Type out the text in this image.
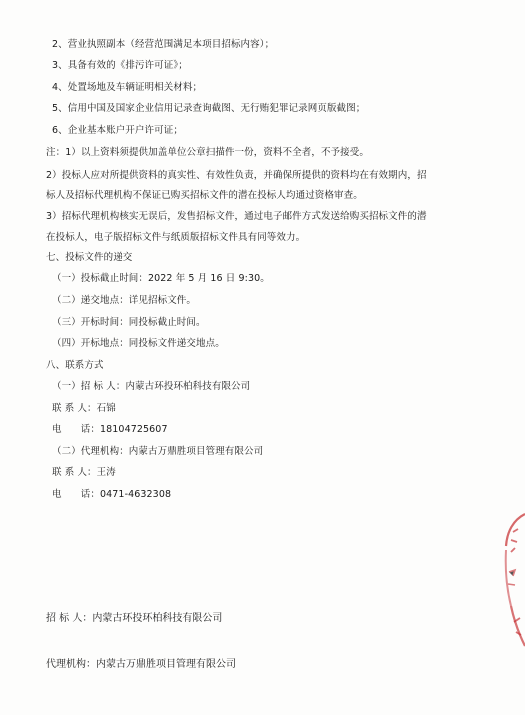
2、营业执照副本（经营范围满足本项目招标内容）；
3、具备有效的《排污许可证》；
4、处置场地及车辆证明相关材料；
5、信用中国及国家企业信用记录查询截图、无行贿犯罪记录网页版截图；
6、企业基本账户开户许可证；
注：1）以上资料须提供加盖单位公章扫描件一份，资料不全者，不予接受。
2）投标人应对所提供资料的真实性、有效性负责，并确保所提供的资料均在有效期内，招
标人及招标代理机构不保证已购买招标文件的潜在投标人均通过资格审查。
3）招标代理机构核实无误后，发售招标文件，通过电子邮件方式发送给购买招标文件的潜
在投标人，电子版招标文件与纸质版招标文件具有同等效力。
七、投标文件的递交
（一）投标截止时间：2022 年 5 月 16 日 9:30。
（二）递交地点：详见招标文件。
（三）开标时间：同投标截止时间。
（四）开标地点：同投标文件递交地点。
八、联系方式
（一）招 标 人：内蒙古环投环柏科技有限公司
联 系 人：石锦
电　　话：18104725607
（二）代理机构：内蒙古万鼎胜项目管理有限公司
联 系 人：王涛
电　　话：0471-4632308
招 标 人：内蒙古环投环柏科技有限公司
代理机构：内蒙古万鼎胜项目管理有限公司
